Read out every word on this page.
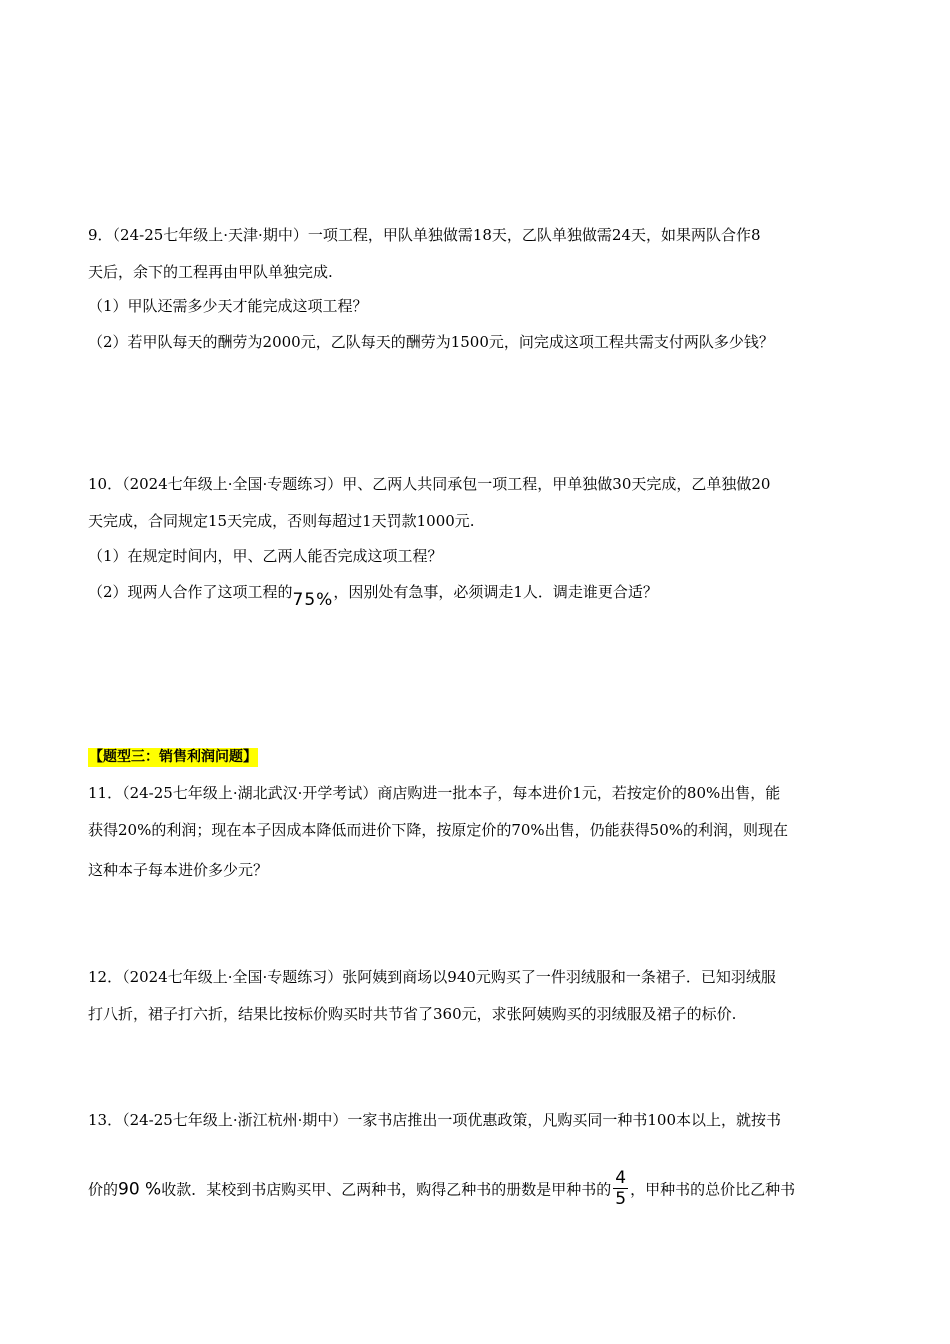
9．（24-25七年级上·天津·期中）一项工程，甲队单独做需18天，乙队单独做需24天，如果两队合作8
天后，余下的工程再由甲队单独完成.
（1）甲队还需多少天才能完成这项工程？
（2）若甲队每天的酬劳为2000元，乙队每天的酬劳为1500元，问完成这项工程共需支付两队多少钱？
10．（2024七年级上·全国·专题练习）甲、乙两人共同承包一项工程，甲单独做30天完成，乙单独做20
天完成，合同规定15天完成，否则每超过1天罚款1000元.
（1）在规定时间内，甲、乙两人能否完成这项工程？
（2）现两人合作了这项工程的75%，因别处有急事，必须调走1人．调走谁更合适？
【题型三：销售利润问题】
11．（24-25七年级上·湖北武汉·开学考试）商店购进一批本子，每本进价1元，若按定价的80%出售，能
获得20%的利润；现在本子因成本降低而进价下降，按原定价的70%出售，仍能获得50%的利润，则现在
这种本子每本进价多少元？
12．（2024七年级上·全国·专题练习）张阿姨到商场以940元购买了一件羽绒服和一条裙子．已知羽绒服
打八折，裙子打六折，结果比按标价购买时共节省了360元，求张阿姨购买的羽绒服及裙子的标价.
13．（24-25七年级上·浙江杭州·期中）一家书店推出一项优惠政策，凡购买同一种书100本以上，就按书
价的90 %收款．某校到书店购买甲、乙两种书，购得乙种书的册数是甲种书的 $\frac{4}{5}$ ，甲种书的总价比乙种书
